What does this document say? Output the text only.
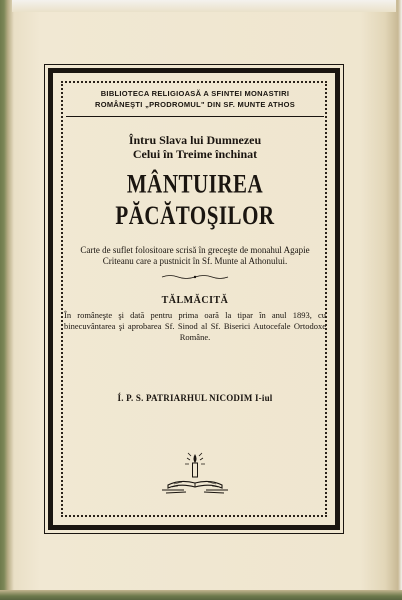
BIBLIOTECA RELIGIOASĂ A SFINTEI MONASTIRI
ROMÂNEŞTI „PRODROMUL" DIN SF. MUNTE ATHOS
Întru Slava lui Dumnezeu
Celui în Treime închinat
MÂNTUIREA PĂCĂTOŞILOR
Carte de suflet folositoare scrisă în greceşte de monahul Agapie Criteanu care a pustnicit în Sf. Munte al Athonului.
TĂLMĂCITĂ
În româneşte şi dată pentru prima oară la tipar în anul 1893, cu binecuvântarea şi aprobarea Sf. Sinod al Sf. Biserici Autocefale Ortodoxe Române.
Í. P. S. PATRIARHUL NICODIM I-iul
